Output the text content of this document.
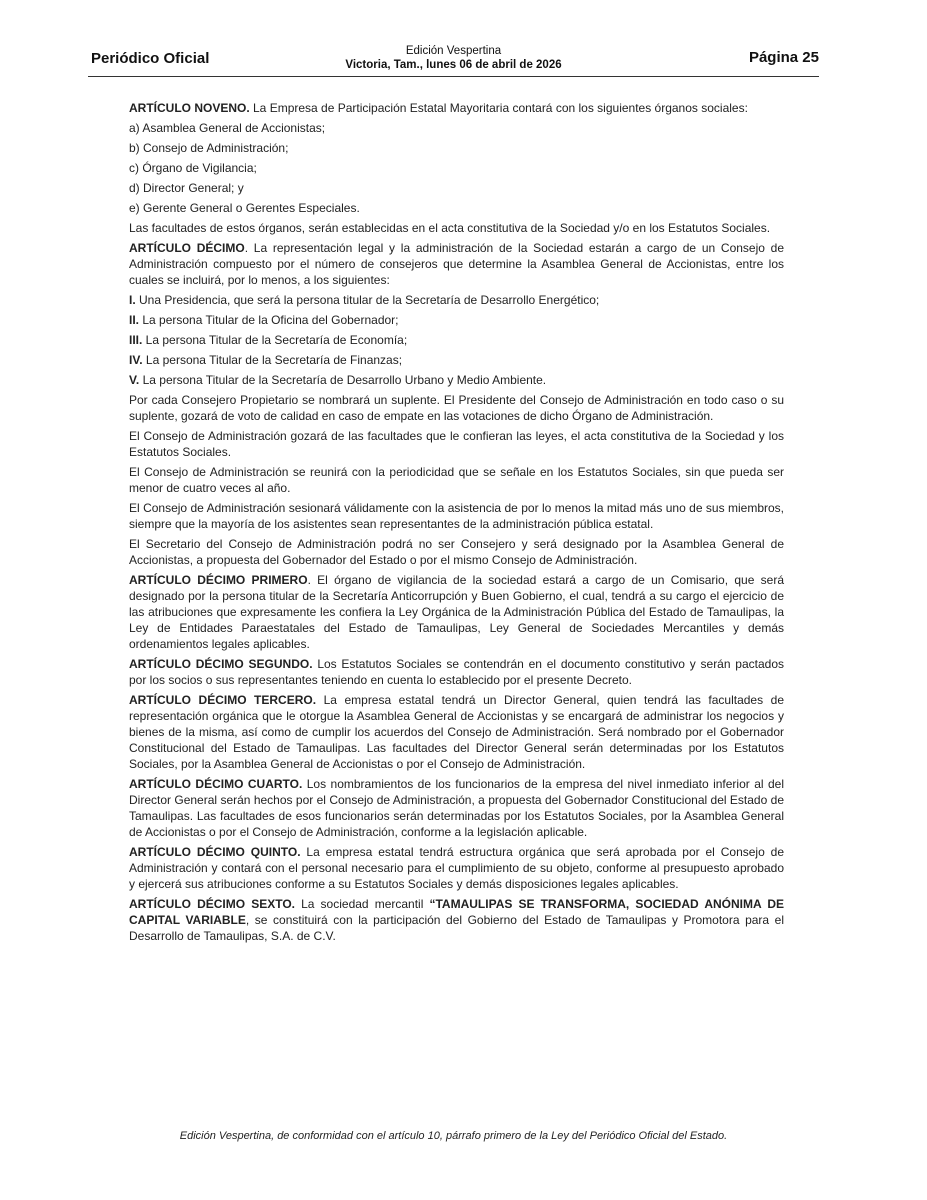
Periódico Oficial	Edición Vespertina
Victoria, Tam., lunes 06 de abril de 2026	Página 25

ARTÍCULO NOVENO. La Empresa de Participación Estatal Mayoritaria contará con los siguientes órganos sociales:

a) Asamblea General de Accionistas;

b) Consejo de Administración;

c) Órgano de Vigilancia;

d) Director General; y

e) Gerente General o Gerentes Especiales.

Las facultades de estos órganos, serán establecidas en el acta constitutiva de la Sociedad y/o en los Estatutos Sociales.

ARTÍCULO DÉCIMO. La representación legal y la administración de la Sociedad estarán a cargo de un Consejo de Administración compuesto por el número de consejeros que determine la Asamblea General de Accionistas, entre los cuales se incluirá, por lo menos, a los siguientes:

I. Una Presidencia, que será la persona titular de la Secretaría de Desarrollo Energético;

II. La persona Titular de la Oficina del Gobernador;

III. La persona Titular de la Secretaría de Economía;

IV. La persona Titular de la Secretaría de Finanzas;

V. La persona Titular de la Secretaría de Desarrollo Urbano y Medio Ambiente.

Por cada Consejero Propietario se nombrará un suplente. El Presidente del Consejo de Administración en todo caso o su suplente, gozará de voto de calidad en caso de empate en las votaciones de dicho Órgano de Administración.

El Consejo de Administración gozará de las facultades que le confieran las leyes, el acta constitutiva de la Sociedad y los Estatutos Sociales.

El Consejo de Administración se reunirá con la periodicidad que se señale en los Estatutos Sociales, sin que pueda ser menor de cuatro veces al año.

El Consejo de Administración sesionará válidamente con la asistencia de por lo menos la mitad más uno de sus miembros, siempre que la mayoría de los asistentes sean representantes de la administración pública estatal.

El Secretario del Consejo de Administración podrá no ser Consejero y será designado por la Asamblea General de Accionistas, a propuesta del Gobernador del Estado o por el mismo Consejo de Administración.

ARTÍCULO DÉCIMO PRIMERO. El órgano de vigilancia de la sociedad estará a cargo de un Comisario, que será designado por la persona titular de la Secretaría Anticorrupción y Buen Gobierno, el cual, tendrá a su cargo el ejercicio de las atribuciones que expresamente les confiera la Ley Orgánica de la Administración Pública del Estado de Tamaulipas, la Ley de Entidades Paraestatales del Estado de Tamaulipas, Ley General de Sociedades Mercantiles y demás ordenamientos legales aplicables.

ARTÍCULO DÉCIMO SEGUNDO. Los Estatutos Sociales se contendrán en el documento constitutivo y serán pactados por los socios o sus representantes teniendo en cuenta lo establecido por el presente Decreto.

ARTÍCULO DÉCIMO TERCERO. La empresa estatal tendrá un Director General, quien tendrá las facultades de representación orgánica que le otorgue la Asamblea General de Accionistas y se encargará de administrar los negocios y bienes de la misma, así como de cumplir los acuerdos del Consejo de Administración. Será nombrado por el Gobernador Constitucional del Estado de Tamaulipas. Las facultades del Director General serán determinadas por los Estatutos Sociales, por la Asamblea General de Accionistas o por el Consejo de Administración.

ARTÍCULO DÉCIMO CUARTO. Los nombramientos de los funcionarios de la empresa del nivel inmediato inferior al del Director General serán hechos por el Consejo de Administración, a propuesta del Gobernador Constitucional del Estado de Tamaulipas. Las facultades de esos funcionarios serán determinadas por los Estatutos Sociales, por la Asamblea General de Accionistas o por el Consejo de Administración, conforme a la legislación aplicable.

ARTÍCULO DÉCIMO QUINTO. La empresa estatal tendrá estructura orgánica que será aprobada por el Consejo de Administración y contará con el personal necesario para el cumplimiento de su objeto, conforme al presupuesto aprobado y ejercerá sus atribuciones conforme a su Estatutos Sociales y demás disposiciones legales aplicables.

ARTÍCULO DÉCIMO SEXTO. La sociedad mercantil “TAMAULIPAS SE TRANSFORMA, SOCIEDAD ANÓNIMA DE CAPITAL VARIABLE, se constituirá con la participación del Gobierno del Estado de Tamaulipas y Promotora para el Desarrollo de Tamaulipas, S.A. de C.V.

Edición Vespertina, de conformidad con el artículo 10, párrafo primero de la Ley del Periódico Oficial del Estado.
